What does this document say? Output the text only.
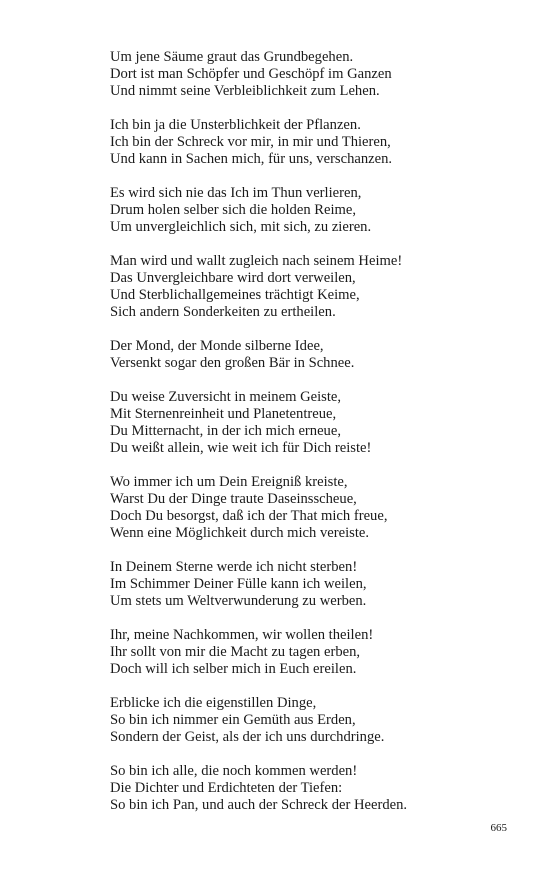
Um jene Säume graut das Grundbegehen.
Dort ist man Schöpfer und Geschöpf im Ganzen
Und nimmt seine Verbleiblichkeit zum Lehen.
Ich bin ja die Unsterblichkeit der Pflanzen.
Ich bin der Schreck vor mir, in mir und Thieren,
Und kann in Sachen mich, für uns, verschanzen.
Es wird sich nie das Ich im Thun verlieren,
Drum holen selber sich die holden Reime,
Um unvergleichlich sich, mit sich, zu zieren.
Man wird und wallt zugleich nach seinem Heime!
Das Unvergleichbare wird dort verweilen,
Und Sterblichallgemeines trächtigt Keime,
Sich andern Sonderkeiten zu ertheilen.
Der Mond, der Monde silberne Idee,
Versenkt sogar den großen Bär in Schnee.
Du weise Zuversicht in meinem Geiste,
Mit Sternenreinheit und Planetentreue,
Du Mitternacht, in der ich mich erneue,
Du weißt allein, wie weit ich für Dich reiste!
Wo immer ich um Dein Ereigniß kreiste,
Warst Du der Dinge traute Daseinsscheue,
Doch Du besorgst, daß ich der That mich freue,
Wenn eine Möglichkeit durch mich vereiste.
In Deinem Sterne werde ich nicht sterben!
Im Schimmer Deiner Fülle kann ich weilen,
Um stets um Weltverwunderung zu werben.
Ihr, meine Nachkommen, wir wollen theilen!
Ihr sollt von mir die Macht zu tagen erben,
Doch will ich selber mich in Euch ereilen.
Erblicke ich die eigenstillen Dinge,
So bin ich nimmer ein Gemüth aus Erden,
Sondern der Geist, als der ich uns durchdringe.
So bin ich alle, die noch kommen werden!
Die Dichter und Erdichteten der Tiefen:
So bin ich Pan, und auch der Schreck der Heerden.
665
